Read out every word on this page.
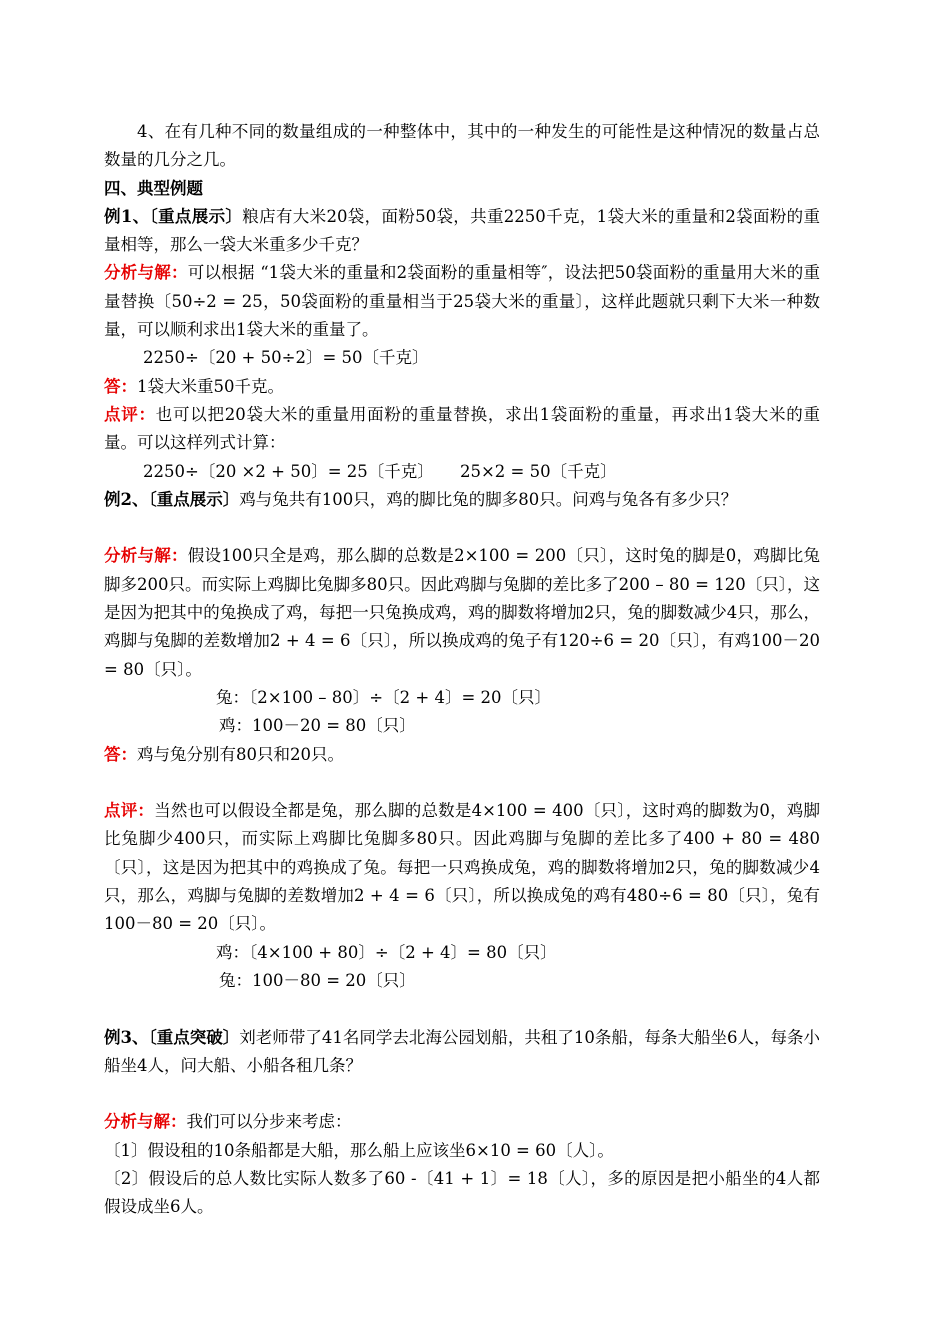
4、在有几种不同的数量组成的一种整体中，其中的一种发生的可能性是这种情况的数量占总数量的几分之几。

四、典型例题

例1、〔重点展示〕粮店有大米20袋，面粉50袋，共重2250千克，1袋大米的重量和2袋面粉的重量相等，那么一袋大米重多少千克？

分析与解：可以根据 “1袋大米的重量和2袋面粉的重量相等″，设法把50袋面粉的重量用大米的重量替换〔50÷2 = 25，50袋面粉的重量相当于25袋大米的重量〕，这样此题就只剩下大米一种数量，可以顺利求出1袋大米的重量了。

2250÷〔20 + 50÷2〕= 50〔千克〕

答：1袋大米重50千克。

点评：也可以把20袋大米的重量用面粉的重量替换，求出1袋面粉的重量，再求出1袋大米的重量。可以这样列式计算：

2250÷〔20 ×2 + 50〕= 25〔千克〕     25×2 = 50〔千克〕

例2、〔重点展示〕鸡与兔共有100只，鸡的脚比兔的脚多80只。问鸡与兔各有多少只？

分析与解：假设100只全是鸡，那么脚的总数是2×100 = 200〔只〕，这时兔的脚是0，鸡脚比兔脚多200只。而实际上鸡脚比兔脚多80只。因此鸡脚与兔脚的差比多了200 – 80 = 120〔只〕，这是因为把其中的兔换成了鸡，每把一只兔换成鸡，鸡的脚数将增加2只，兔的脚数减少4只，那么，鸡脚与兔脚的差数增加2 + 4 = 6〔只〕，所以换成鸡的兔子有120÷6 = 20〔只〕，有鸡100－20 = 80〔只〕。

兔：〔2×100 – 80〕÷〔2 + 4〕= 20〔只〕

鸡：100－20 = 80〔只〕

答：鸡与兔分别有80只和20只。

点评：当然也可以假设全都是兔，那么脚的总数是4×100 = 400〔只〕，这时鸡的脚数为0，鸡脚比兔脚少400只，而实际上鸡脚比兔脚多80只。因此鸡脚与兔脚的差比多了400 + 80 = 480〔只〕，这是因为把其中的鸡换成了兔。每把一只鸡换成兔，鸡的脚数将增加2只，兔的脚数减少4只，那么，鸡脚与兔脚的差数增加2 + 4 = 6〔只〕，所以换成兔的鸡有480÷6 = 80〔只〕，兔有100－80 = 20〔只〕。

鸡：〔4×100 + 80〕÷〔2 + 4〕= 80〔只〕

兔：100－80 = 20〔只〕

例3、〔重点突破〕刘老师带了41名同学去北海公园划船，共租了10条船，每条大船坐6人，每条小船坐4人，问大船、小船各租几条？

分析与解：我们可以分步来考虑：

〔1〕假设租的10条船都是大船，那么船上应该坐6×10 = 60〔人〕。

〔2〕假设后的总人数比实际人数多了60 -〔41 + 1〕= 18〔人〕，多的原因是把小船坐的4人都假设成坐6人。
